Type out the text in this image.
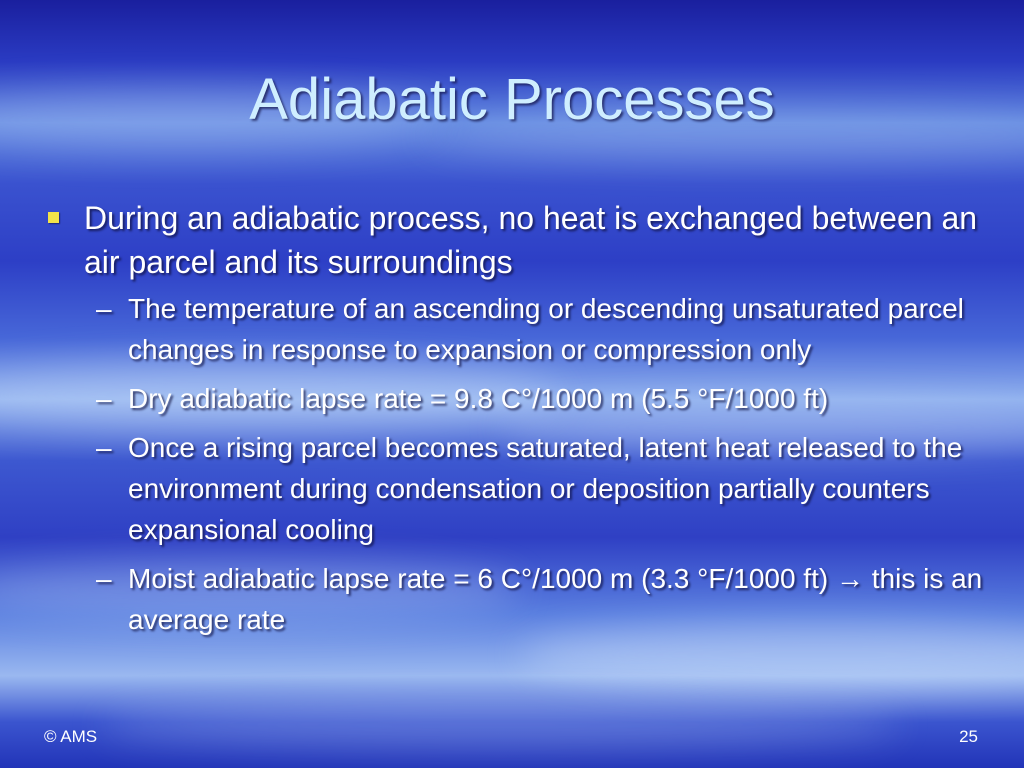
Adiabatic Processes
During an adiabatic process, no heat is exchanged between an air parcel and its surroundings
– The temperature of an ascending or descending unsaturated parcel changes in response to expansion or compression only
– Dry adiabatic lapse rate = 9.8 C°/1000 m (5.5 °F/1000 ft)
– Once a rising parcel becomes saturated, latent heat released to the environment during condensation or deposition partially counters expansional cooling
– Moist adiabatic lapse rate = 6 C°/1000 m (3.3 °F/1000 ft) → this is an average rate
© AMS	25
